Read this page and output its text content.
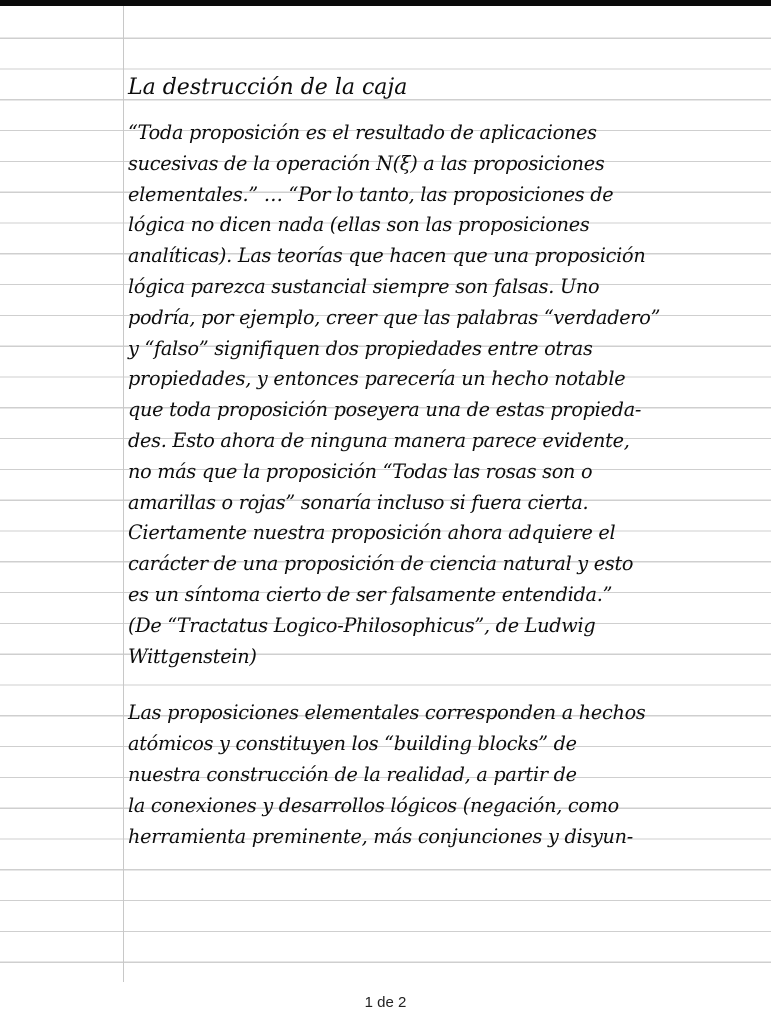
La destrucción de la caja
“Toda proposición es el resultado de aplicaciones
sucesivas de la operación N(ξ) a las proposiciones
elementales.” … “Por lo tanto, las proposiciones de
lógica no dicen nada (ellas son las proposiciones
analíticas). Las teorías que hacen que una proposición
lógica parezca sustancial siempre son falsas. Uno
podría, por ejemplo, creer que las palabras “verdadero”
y “falso” signifiquen dos propiedades entre otras
propiedades, y entonces parecería un hecho notable
que toda proposición poseyera una de estas propieda-
des. Esto ahora de ninguna manera parece evidente,
no más que la proposición “Todas las rosas son o
amarillas o rojas” sonaría incluso si fuera cierta.
Ciertamente nuestra proposición ahora adquiere el
carácter de una proposición de ciencia natural y esto
es un síntoma cierto de ser falsamente entendida.”
(De “Tractatus Logico-Philosophicus”, de Ludwig
Wittgenstein)
Las proposiciones elementales corresponden a hechos
atómicos y constituyen los “building blocks” de
nuestra construcción de la realidad, a partir de
la conexiones y desarrollos lógicos (negación, como
herramienta preminente, más conjunciones y disyun-
1 de 2
